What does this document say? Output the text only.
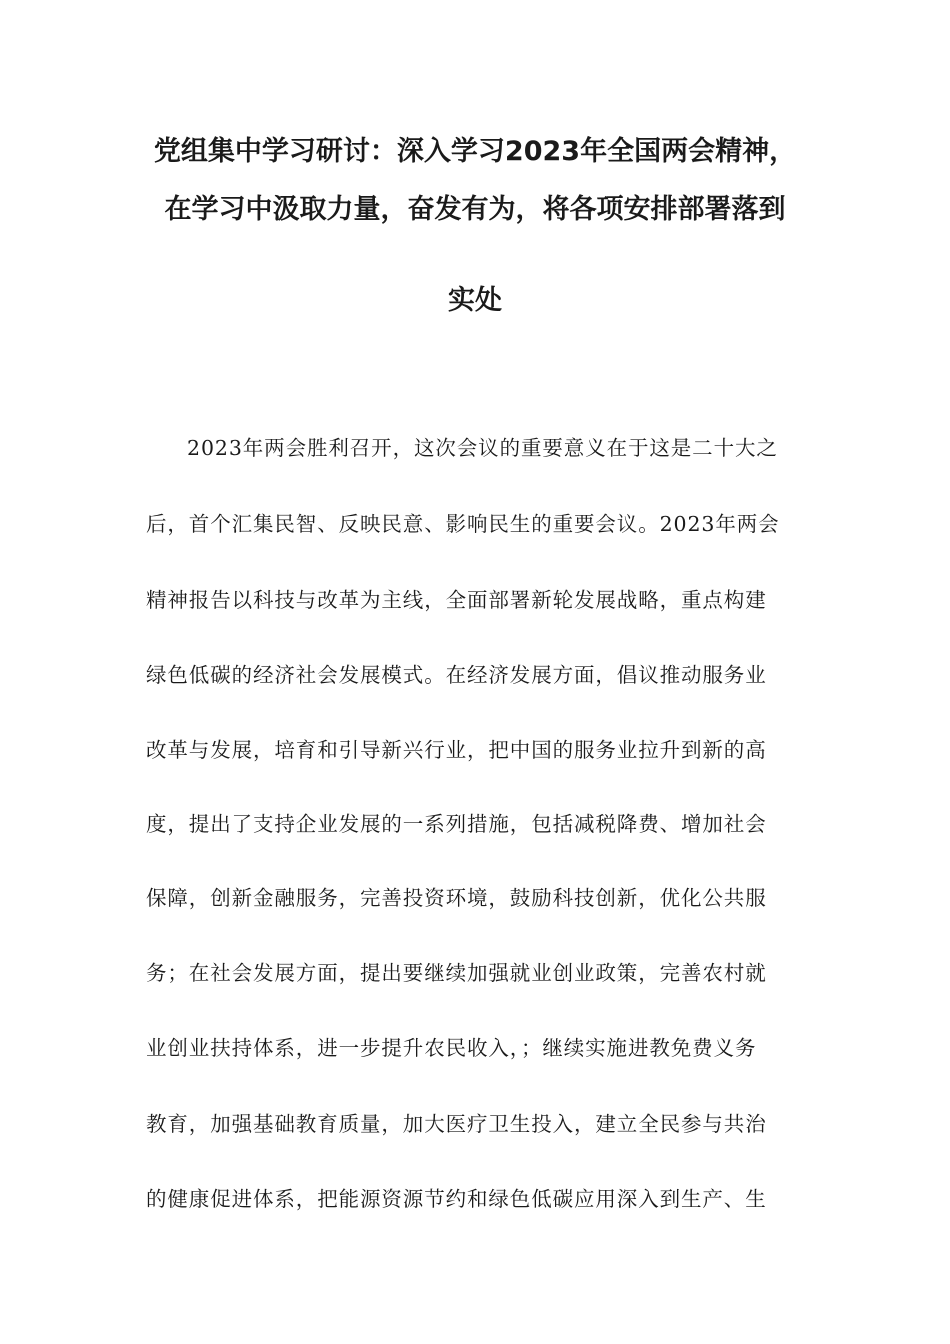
党组集中学习研讨：深入学习2023年全国两会精神，
在学习中汲取力量，奋发有为，将各项安排部署落到
实处
2023年两会胜利召开，这次会议的重要意义在于这是二十大之
后，首个汇集民智、反映民意、影响民生的重要会议。2023年两会
精神报告以科技与改革为主线，全面部署新轮发展战略，重点构建
绿色低碳的经济社会发展模式。在经济发展方面，倡议推动服务业
改革与发展，培育和引导新兴行业，把中国的服务业拉升到新的高
度，提出了支持企业发展的一系列措施，包括减税降费、增加社会
保障，创新金融服务，完善投资环境，鼓励科技创新，优化公共服
务；在社会发展方面，提出要继续加强就业创业政策，完善农村就
业创业扶持体系，进一步提升农民收入，；继续实施进教免费义务
教育，加强基础教育质量，加大医疗卫生投入，建立全民参与共治
的健康促进体系，把能源资源节约和绿色低碳应用深入到生产、生
